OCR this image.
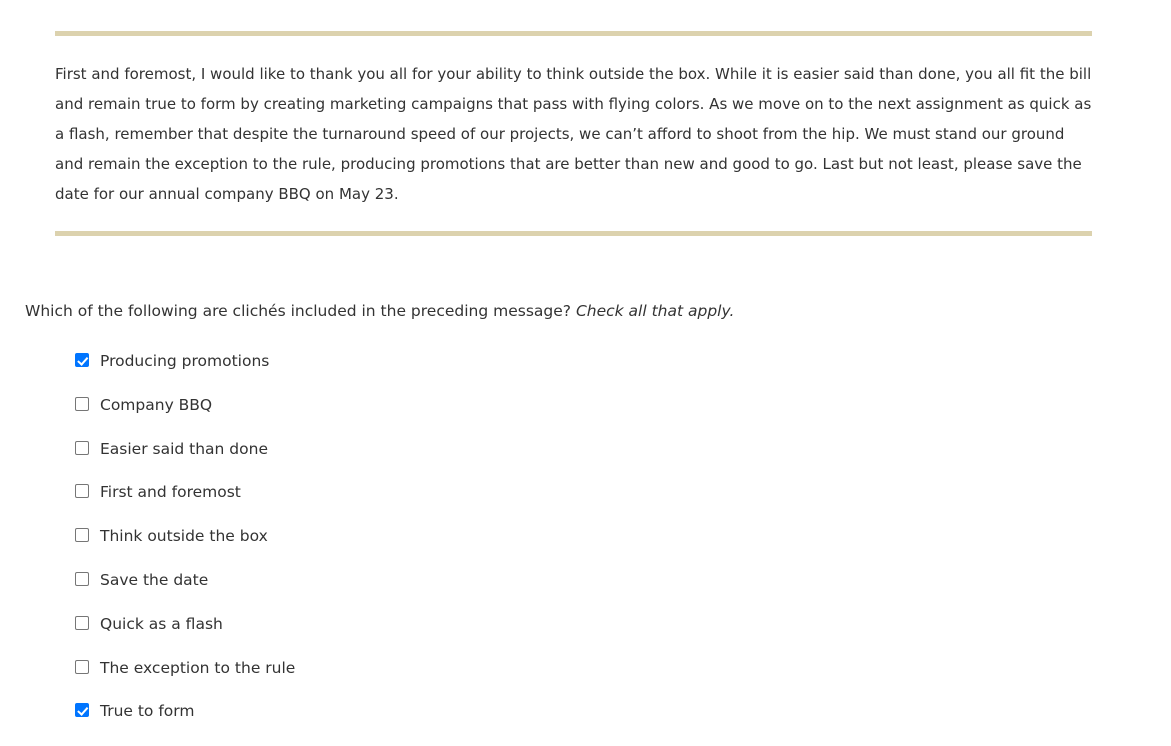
First and foremost, I would like to thank you all for your ability to think outside the box. While it is easier said than done, you all fit the bill and remain true to form by creating marketing campaigns that pass with flying colors. As we move on to the next assignment as quick as a flash, remember that despite the turnaround speed of our projects, we can’t afford to shoot from the hip. We must stand our ground and remain the exception to the rule, producing promotions that are better than new and good to go. Last but not least, please save the date for our annual company BBQ on May 23.

Which of the following are clichés included in the preceding message? Check all that apply.

Producing promotions
Company BBQ
Easier said than done
First and foremost
Think outside the box
Save the date
Quick as a flash
The exception to the rule
True to form
